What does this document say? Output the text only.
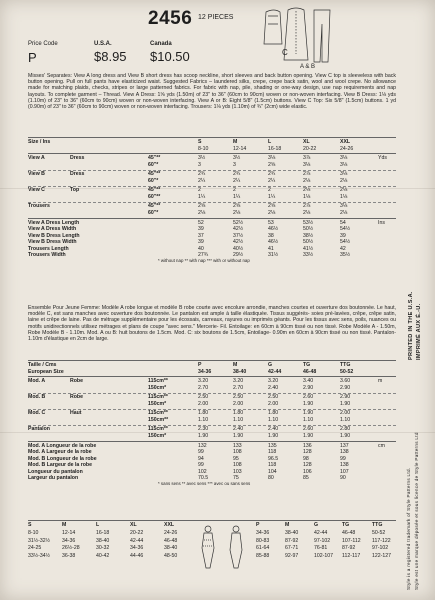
2456 12 PIECES
Price Code
P
U.S.A.
$8.95
Canada
$10.50	C
A & B
Misses' Separates: View A long dress and View B short dress has scoop neckline, short sleeves and back button opening. View C top is sleeveless with back button opening. Pull on full pants have elasticized waist. Suggested Fabrics – laundered silks, crepe, crepe back satin, wool and wool crepe. No allowance made for matching plaids, checks, stripes or large patterned fabrics. For fabric with nap, pile, shading or one-way design, use nap requirements and nap layouts. To complete garment – Thread. View A Dress: 1⅝ yds (1.50m) of 23" to 36" (60cm to 90cm) woven or non-woven interfacing. View B Dress: 1⅛ yds (1.10m) of 23" to 36" (60cm to 90cm) woven or non-woven interfacing. View A or B: Eight 5/8" (1.5cm) buttons. View C Top: Six 5/8" (1.5cm) buttons. 1 yd (0.90m) of 23" to 36" (60cm to 90cm) woven or non-woven interfacing. Trousers: 1⅛ yds (1.10m) of ¾" (2cm) wide elastic.
Size / Ins	S	M	L	XL	XXL
8-10	12-14	16-18	20-22	24-26
View A	Dress	45"**	3½	3½	3⅛	3⅞	3⅛	Yds
60"*	3	3	2⅝	3⅛	3⅛
View B	Dress	45"**	2¾	2¾	2¾	2⅞	3⅛
60"*	2¼	2¼	2¼	2⅛	2⅛
View C	Top	45"**	2	2	2	2⅛	2⅛
60"**	1¼	1¼	1¼	1⅛	1⅛
Trousers	45"**	2⅝	2⅝	2⅝	2⅞	3⅛
60"*	2⅛	2⅛	2⅛	2⅛	2⅛
View A Dress Length	52	52½	53	53½	54	Ins
View A Dress Width	39	42½	46½	50½	54½
View B Dress Length	37	37½	38	38½	39
View B Dress Width	39	42½	46½	50½	54½
Trousers Length	40	40½	41	41½	42
Trousers Width	27¾	29½	31½	33½	35½
* without nap ** with nap *** with or without nap
Ensemble Pour Jeune Femme: Modèle A robe longue et modèle B robe courte avec encolure arrondie, manches courtes et ouverture dos boutonnée. Le haut, modèle C, est sans manches avec ouverture dos boutonnée. Le pantalon est ample à taille élastiquée. Tissus suggérés- soies pré-lavées, crêpe, crêpe satin, laine et crêpe de laine. Pas de métrage supplémentaire pour les écossais, carreaux, rayures ou imprimés géants. Pour les tissus avec sens, poils, nuances ou motifs unidirectionnels utilisez métrages et plans de coupe "avec sens." Mercerie- Fil. Entoilage: en 60cm à 90cm tissé ou non tissé. Robe Modèle A - 1.50m, Robe Modèle B - 1.10m. Mod. A ou B: huit boutons de 1.5cm. Mod. C: six boutons de 1.5cm, Entoilage- 0.90m en 60cm à 90cm tissé ou non tissé. Pantalon- 1.10m d'élastique en 2cm de large.
Taille / Cms	P	M	G	TG	TTG
European Size	34-36	38-40	42-44	46-48	50-52
Mod. A	Robe	115cm**	3.20	3.20	3.20	3.40	3.60	m
150cm*	2.70	2.70	2.40	2.90	2.90
Mod. B	Robe	115cm**	2.50	2.50	2.50	2.60	2.90
150cm*	2.00	2.00	2.00	1.90	1.90
Mod. C	Haut	115cm**	1.80	1.80	1.80	1.90	2.00
150cm**	1.10	1.10	1.10	1.10	1.10
Pantalon	115cm**	2.30	2.40	2.40	2.60	2.80
150cm*	1.90	1.90	1.90	1.90	1.90
Mod. A Longueur de la robe	132	133	135	136	137	cm
Mod. A Largeur de la robe	99	108	118	128	138
Mod. B Longueur de la robe	94	95	96.5	98	99
Mod. B Largeur de la robe	99	108	118	128	138
Longueur du pantalon	102	103	104	106	107
Largeur du pantalon	70.5	75	80	85	90
* sans sens ** avec sens *** avec ou sans sens
S	M	L	XL	XXL	P	M	G	TG	TTG
8-10	12-14	16-18	20-22	24-26	34-36	38-40	42-44	46-48	50-52
31½-32½ 34-36	38-40	42-44	46-48	80-83	87-92	97-102 107-112 117-122
24-25	26½-28	30-32	34-36	38-40	61-64	67-71	76-81	87-92	97-102
33½-34½ 36-38	40-42	44-46	48-50	85-88	92-97	102-107 112-117 122-127
PRINTED IN THE U.S.A. IMPRIMÉ AUX É.-U.
Style is a registered trademark of Style Patterns Ltd. Style est une marque déposée et sous licence de Style Patterns Ltd
